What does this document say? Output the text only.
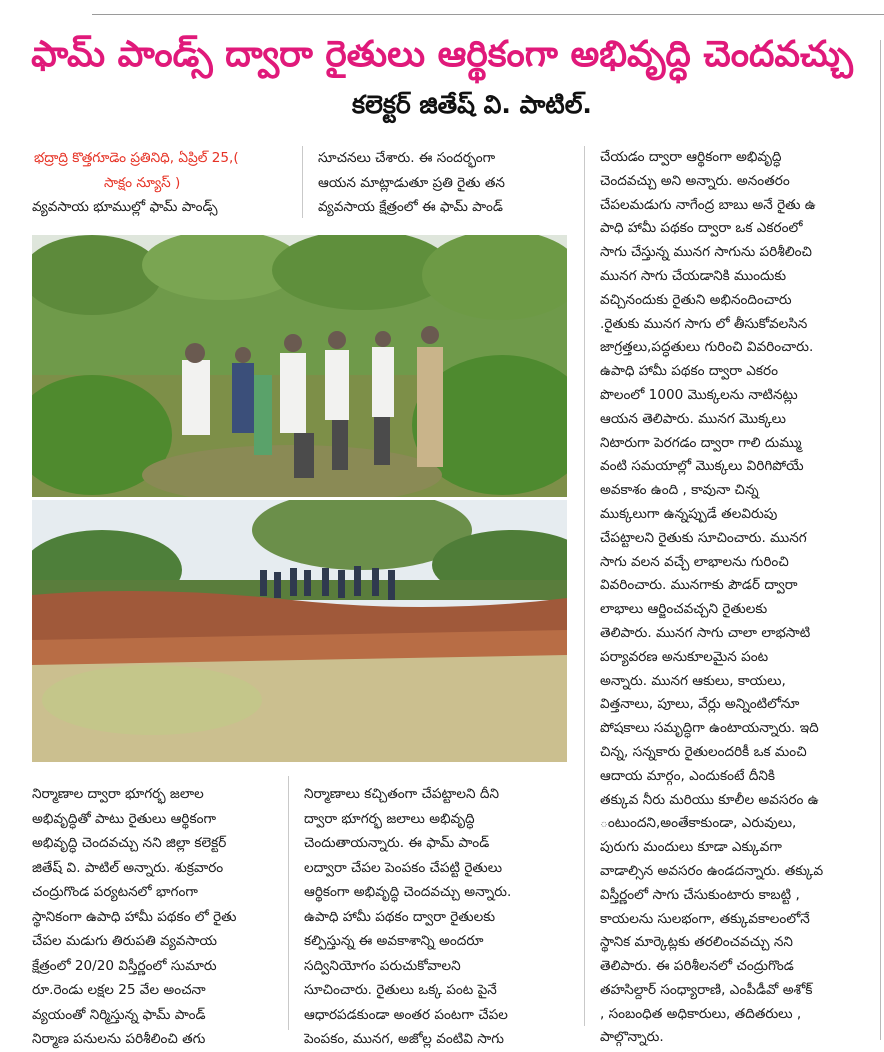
ఫామ్ పాండ్స్ ద్వారా రైతులు ఆర్థికంగా అభివృద్ధి చెందవచ్చు
కలెక్టర్ జితేష్ వి. పాటిల్.
భద్రాద్రి కొత్తగూడెం ప్రతినిధి, ఏప్రిల్ 25,(
సాక్షం న్యూస్ )
వ్యవసాయ భూముల్లో ఫామ్ పాండ్స్
సూచనలు చేశారు. ఈ సందర్భంగా
ఆయన మాట్లాడుతూ ప్రతి రైతు తన
వ్యవసాయ క్షేత్రంలో ఈ ఫామ్ పాండ్
నిర్మాణాల ద్వారా భూగర్భ జలాల
అభివృద్ధితో పాటు రైతులు ఆర్థికంగా
అభివృద్ధి చెందవచ్చు నని జిల్లా కలెక్టర్
జితేష్ వి. పాటిల్ అన్నారు. శుక్రవారం
చంద్రుగొండ పర్యటనలో భాగంగా
స్థానికంగా ఉపాధి హామీ పథకం లో రైతు
చేపల మడుగు తిరుపతి వ్యవసాయ
క్షేత్రంలో 20/20 విస్తీర్ణంలో సుమారు
రూ.రెండు లక్షల 25 వేల అంచనా
వ్యయంతో నిర్మిస్తున్న ఫామ్ పాండ్
నిర్మాణ పనులను పరిశీలించి తగు
నిర్మాణాలు కచ్చితంగా చేపట్టాలని దీని
ద్వారా భూగర్భ జలాలు అభివృద్ధి
చెందుతాయన్నారు. ఈ ఫామ్ పాండ్
లద్వారా చేపల పెంపకం చేపట్టి రైతులు
ఆర్థికంగా అభివృద్ధి చెందవచ్చు అన్నారు.
ఉపాధి హామీ పథకం ద్వారా రైతులకు
కల్పిస్తున్న ఈ అవకాశాన్ని అందరూ
సద్వినియోగం పరుచుకోవాలని
సూచించారు. రైతులు ఒక్క పంట పైనే
ఆధారపడకుండా అంతర పంటగా చేపల
పెంపకం, మునగ, అజోల్ల వంటివి సాగు
చేయడం ద్వారా ఆర్థికంగా అభివృద్ధి
చెందవచ్చు అని అన్నారు. అనంతరం
చేపలమడుగు నాగేంద్ర బాబు అనే రైతు ఉ
పాధి హామీ పథకం ద్వారా ఒక ఎకరంలో
సాగు చేస్తున్న మునగ సాగును పరిశీలించి
మునగ సాగు చేయడానికి ముందుకు
వచ్చినందుకు రైతుని అభినందించారు
.రైతుకు మునగ సాగు లో తీసుకోవలసిన
జాగ్రత్తలు,పద్ధతులు గురించి వివరించారు.
ఉపాధి హామీ పథకం ద్వారా ఎకరం
పొలంలో 1000 మొక్కలను నాటినట్లు
ఆయన తెలిపారు. మునగ మొక్కలు
నిటారుగా పెరగడం ద్వారా గాలి దుమ్ము
వంటి సమయాల్లో మొక్కలు విరిగిపోయే
అవకాశం ఉంది , కావునా చిన్న
ముక్కలుగా ఉన్నప్పుడే తలవిరుపు
చేపట్టాలని రైతుకు సూచించారు. మునగ
సాగు వలన వచ్చే లాభాలను గురించి
వివరించారు. మునగాకు పౌడర్ ద్వారా
లాభాలు ఆర్జించవచ్చని రైతులకు
తెలిపారు. మునగ సాగు చాలా లాభసాటి
పర్యావరణ అనుకూలమైన పంట
అన్నారు. మునగ ఆకులు, కాయలు,
విత్తనాలు, పూలు, వేర్లు అన్నింటిలోనూ
పోషకాలు సమృద్ధిగా ఉంటాయన్నారు. ఇది
చిన్న, సన్నకారు రైతులందరికీ ఒక మంచి
ఆదాయ మార్గం, ఎందుకంటే దీనికి
తక్కువ నీరు మరియు కూలీల అవసరం ఉ
ంటుందని,అంతేకాకుండా, ఎరువులు,
పురుగు మందులు కూడా ఎక్కువగా
వాడాల్సిన అవసరం ఉండదన్నారు. తక్కువ
విస్తీర్ణంలో సాగు చేసుకుంటారు కాబట్టి ,
కాయలను సులభంగా, తక్కువకాలంలోనే
స్థానిక మార్కెట్లకు తరలించవచ్చు నని
తెలిపారు. ఈ పరిశీలనలో చంద్రుగొండ
తహసిల్దార్ సంధ్యారాణి, ఎంపీడీవో అశోక్
, సంబంధిత అధికారులు, తదితరులు ,
పాల్గొన్నారు.
